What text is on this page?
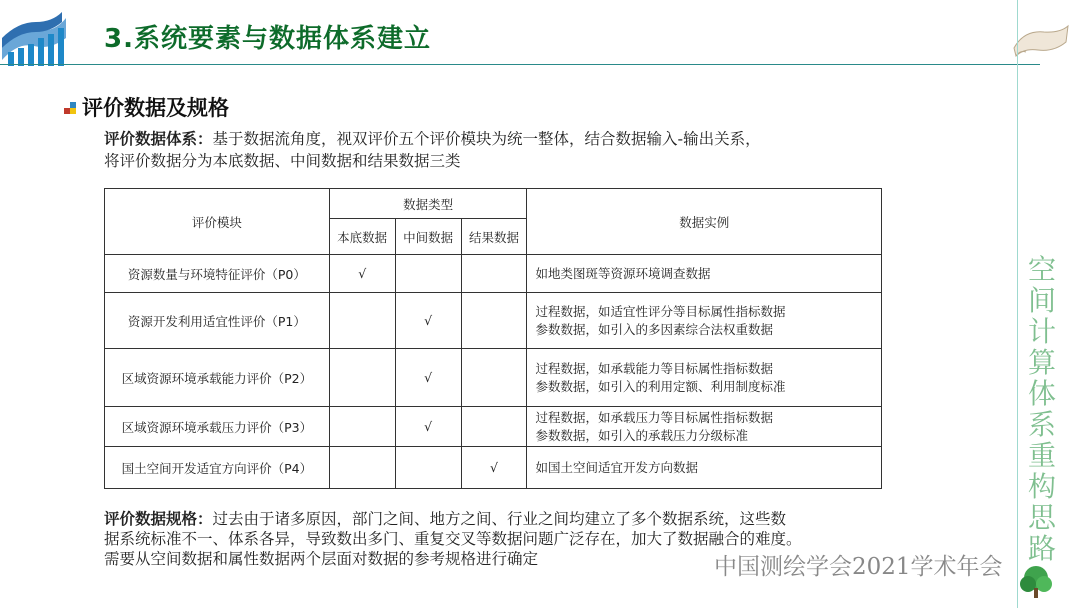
3.系统要素与数据体系建立
空
间
计
算
体
系
重
构
思
路
评价数据及规格
评价数据体系：基于数据流角度，视双评价五个评价模块为统一整体，结合数据输入-输出关系，
将评价数据分为本底数据、中间数据和结果数据三类
评价模块	数据类型			数据实例
	本底数据	中间数据	结果数据	
资源数量与环境特征评价（P0）	√			如地类图斑等资源环境调查数据

资源开发利用适宜性评价（P1）		√		过程数据，如适宜性评分等目标属性指标数据
参数数据，如引入的多因素综合法权重数据

区域资源环境承载能力评价（P2）		√		过程数据，如承载能力等目标属性指标数据
参数数据，如引入的利用定额、利用制度标准

区域资源环境承载压力评价（P3）		√		过程数据，如承载压力等目标属性指标数据
参数数据，如引入的承载压力分级标准

国土空间开发适宜方向评价（P4）			√	如国土空间适宜开发方向数据
评价数据规格：过去由于诸多原因，部门之间、地方之间、行业之间均建立了多个数据系统，这些数
据系统标准不一、体系各异，导致数出多门、重复交叉等数据问题广泛存在，加大了数据融合的难度。
需要从空间数据和属性数据两个层面对数据的参考规格进行确定	中国测绘学会2021学术年会
